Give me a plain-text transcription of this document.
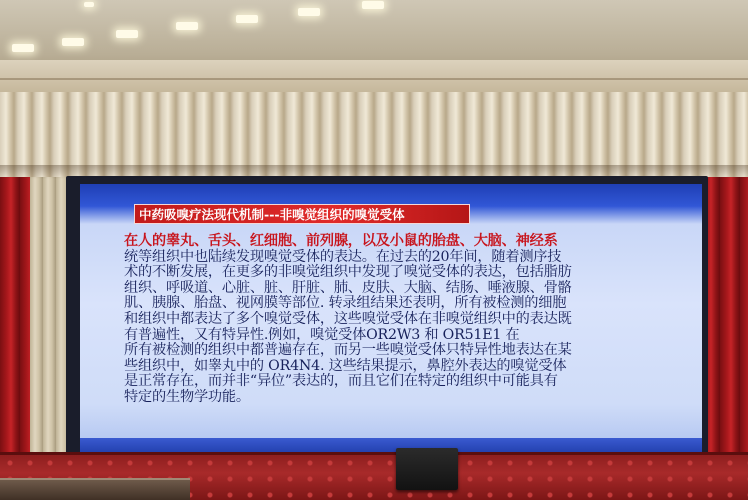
中药吸嗅疗法现代机制---非嗅觉组织的嗅觉受体
在人的睾丸、舌头、红细胞、前列腺，以及小鼠的胎盘、大脑、神经系
统等组织中也陆续发现嗅觉受体的表达。在过去的20年间，随着测序技
术的不断发展，在更多的非嗅觉组织中发现了嗅觉受体的表达，包括脂肪
组织、呼吸道、心脏、脏、肝脏、肺、皮肤、大脑、结肠、唾液腺、骨骼
肌、胰腺、胎盘、视网膜等部位. 转录组结果还表明，所有被检测的细胞
和组织中都表达了多个嗅觉受体，这些嗅觉受体在非嗅觉组织中的表达既
有普遍性，又有特异性.例如，嗅觉受体OR2W3 和 OR51E1 在
所有被检测的组织中都普遍存在，而另一些嗅觉受体只特异性地表达在某
些组织中，如睾丸中的 OR4N4. 这些结果提示，鼻腔外表达的嗅觉受体
是正常存在，而并非“异位”表达的，而且它们在特定的组织中可能具有
特定的生物学功能。
